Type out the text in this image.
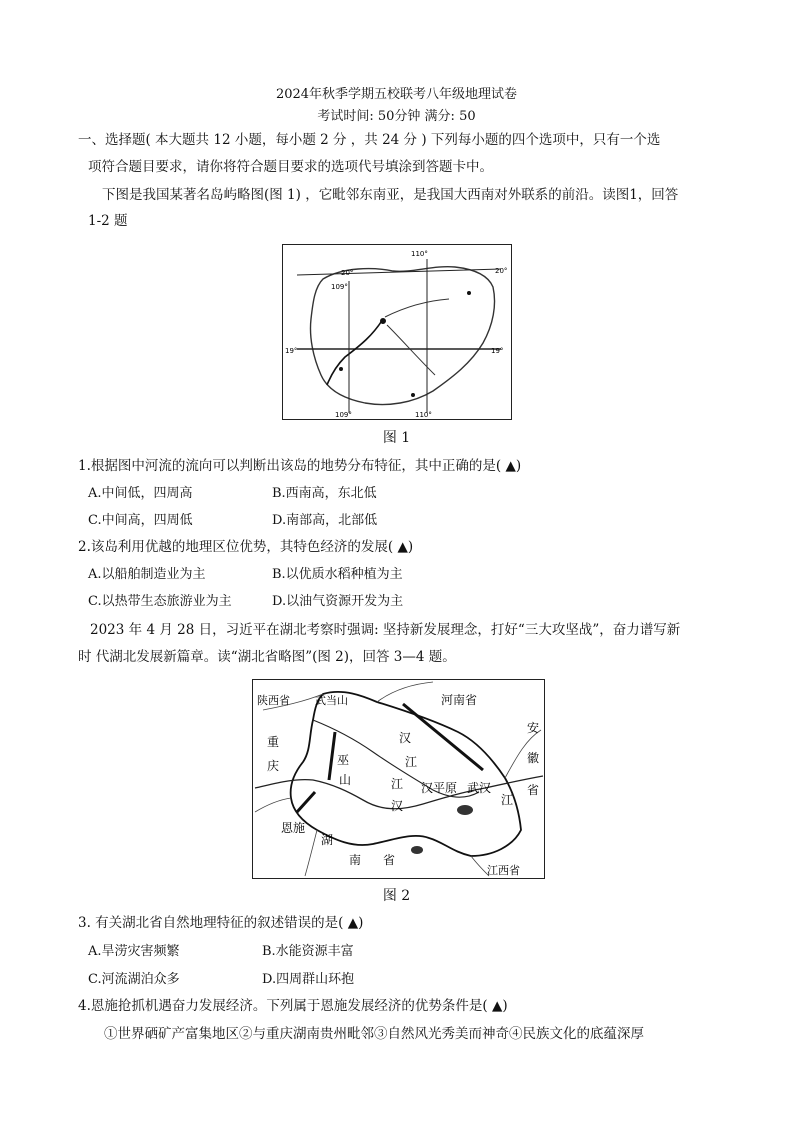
2024年秋季学期五校联考八年级地理试卷
考试时间: 50分钟 满分: 50
一、选择题( 本大题共 12 小题，每小题 2 分 ，共 24 分 ) 下列每小题的四个选项中，只有一个选
项符合题目要求，请你将符合题目要求的选项代号填涂到答题卡中。
下图是我国某著名岛屿略图(图 1) ，它毗邻东南亚，是我国大西南对外联系的前沿。读图1，回答
1-2 题
110°
109°
109°	110°
20°	20°
19°	19°
图 1
1.根据图中河流的流向可以判断出该岛的地势分布特征，其中正确的是( ▲)
A.中间低，四周高	B.西南高，东北低
C.中间高，四周低	D.南部高，北部低
2.该岛利用优越的地理区位优势，其特色经济的发展( ▲)
A.以船舶制造业为主	B.以优质水稻种植为主
C.以热带生态旅游业为主	D.以油气资源开发为主
2023 年 4 月 28 日，习近平在湖北考察时强调: 坚持新发展理念，打好“三大攻坚战”，奋力谱写新
时 代湖北发展新篇章。读“湖北省略图”(图 2)，回答 3—4 题。
河南省
陕西省 武当山
安
徽
省
重
庆
汉
江
巫
山
汉平原
江
汉
武汉
江
恩施
湖
南 省
江西省
图 2
3. 有关湖北省自然地理特征的叙述错误的是( ▲)
A.旱涝灾害频繁	B.水能资源丰富
C.河流湖泊众多	D.四周群山环抱
4.恩施抢抓机遇奋力发展经济。下列属于恩施发展经济的优势条件是( ▲)
①世界硒矿产富集地区②与重庆湖南贵州毗邻③自然风光秀美而神奇④民族文化的底蕴深厚
